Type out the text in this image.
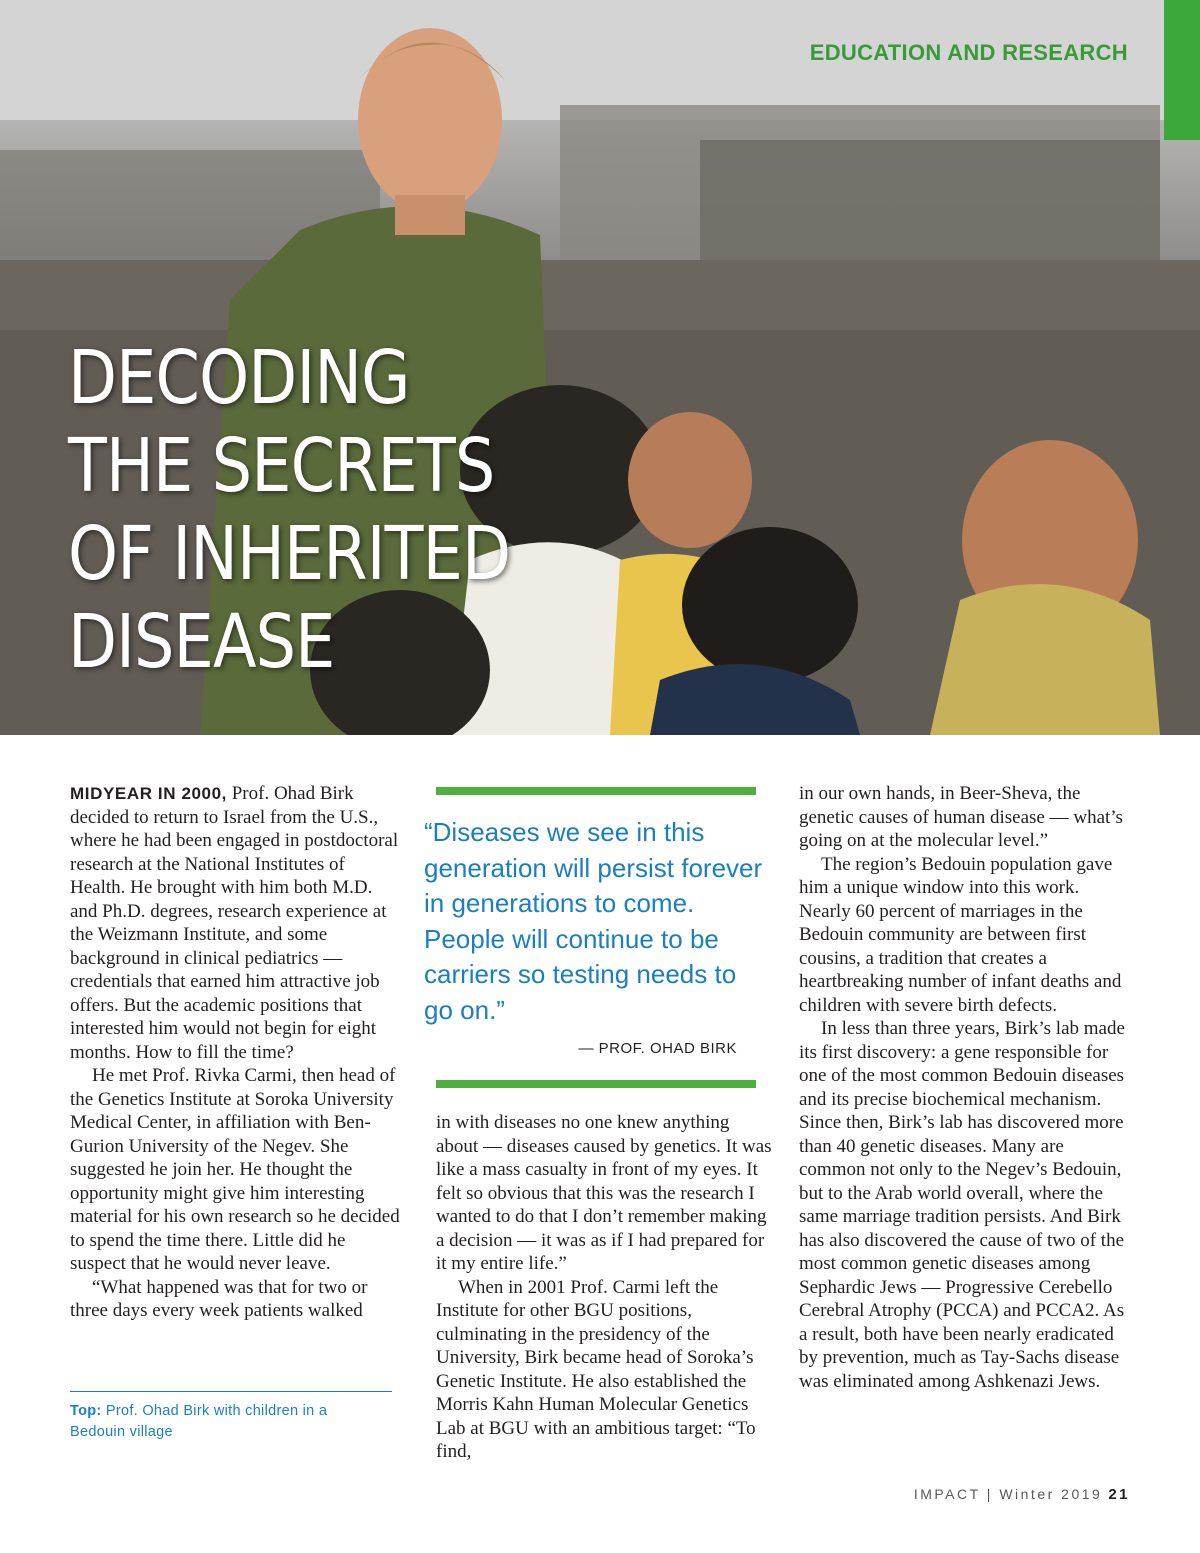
EDUCATION AND RESEARCH
DECODING
THE SECRETS
OF INHERITED
DISEASE

MIDYEAR IN 2000, Prof. Ohad Birk decided to return to Israel from the U.S., where he had been engaged in postdoctoral research at the National Institutes of Health. He brought with him both M.D. and Ph.D. degrees, research experience at the Weizmann Institute, and some background in clinical pediatrics — credentials that earned him attractive job offers. But the academic positions that interested him would not begin for eight months. How to fill the time?

He met Prof. Rivka Carmi, then head of the Genetics Institute at Soroka University Medical Center, in affiliation with Ben-Gurion University of the Negev. She suggested he join her. He thought the opportunity might give him interesting material for his own research so he decided to spend the time there. Little did he suspect that he would never leave.

“What happened was that for two or three days every week patients walked

“Diseases we see in this generation will persist forever in generations to come. People will continue to be carriers so testing needs to go on.”

— PROF. OHAD BIRK

in with diseases no one knew anything about — diseases caused by genetics. It was like a mass casualty in front of my eyes. It felt so obvious that this was the research I wanted to do that I don’t remember making a decision — it was as if I had prepared for it my entire life.”

When in 2001 Prof. Carmi left the Institute for other BGU positions, culminating in the presidency of the University, Birk became head of Soroka’s Genetic Institute. He also established the Morris Kahn Human Molecular Genetics Lab at BGU with an ambitious target: “To find,

in our own hands, in Beer-Sheva, the genetic causes of human disease — what’s going on at the molecular level.”

The region’s Bedouin population gave him a unique window into this work. Nearly 60 percent of marriages in the Bedouin community are between first cousins, a tradition that creates a heartbreaking number of infant deaths and children with severe birth defects.

In less than three years, Birk’s lab made its first discovery: a gene responsible for one of the most common Bedouin diseases and its precise biochemical mechanism. Since then, Birk’s lab has discovered more than 40 genetic diseases. Many are common not only to the Negev’s Bedouin, but to the Arab world overall, where the same marriage tradition persists. And Birk has also discovered the cause of two of the most common genetic diseases among Sephardic Jews — Progressive Cerebello Cerebral Atrophy (PCCA) and PCCA2. As a result, both have been nearly eradicated by prevention, much as Tay-Sachs disease was eliminated among Ashkenazi Jews.

Top: Prof. Ohad Birk with children in a Bedouin village

IMPACT | Winter 2019 21
